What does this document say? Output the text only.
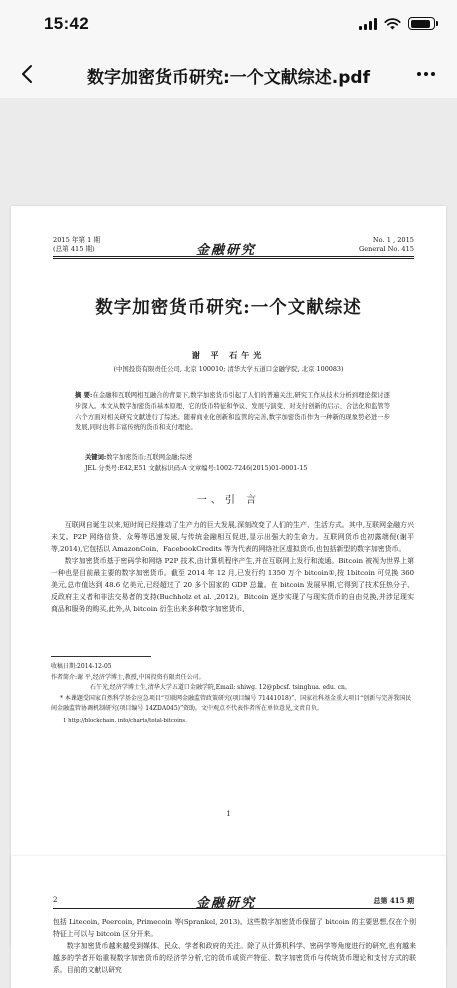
15:42
数字加密货币研究:一个文献综述.pdf
2015 年第 1 期
(总第 415 期)	金融研究
No. 1 , 2015
General No. 415
数字加密货币研究:一个文献综述
谢 平 石午光
(中国投资有限责任公司, 北京 100010; 清华大学五道口金融学院, 北京 100083)
摘 要:在金融和互联网相互融合的背景下,数字加密货币引起了人们的普遍关注,研究工作从技术分析到理论探讨逐步深入。本文从数字加密货币基本原理、它的货币特征和争议、发展与演变、对支付创新的启示、合法化和监管等六个方面对相关研究文献进行了综述。随着商业化创新和监管的完善,数字加密货币作为一种新的现象势必进一步发展,同时也将丰富传统的货币和支付理论。
关键词:数字加密货币;互联网金融;综述
JEL 分类号:E42,E51 文献标识码:A 文章编号:1002-7246(2015)01-0001-15
一、引 言

互联网自诞生以来,短时间已经推动了生产力的巨大发展,深刻改变了人们的生产、生活方式。其中,互联网金融方兴未艾。P2P 网络信贷、众筹等迅速发展,与传统金融相互促进,显示出强大的生命力。互联网货币也初露端倪(谢平等,2014),它包括以 AmazonCoin、FacebookCredits 等为代表的网络社区虚拟货币,也包括新型的数字加密货币。

数字加密货币基于密码学和网络 P2P 技术,由计算机程序产生,并在互联网上发行和流通。Bitcoin 被视为世界上第一种也是目前最主要的数字加密货币。截至 2014 年 12 月,已发行约 1350 万个 bitcoin①,按 1bitcoin 可兑换 360 美元,总市值达到 48.6 亿美元,已经超过了 20 多个国家的 GDP 总量。在 bitcoin 发展早期,它得到了技术狂热分子、反政府主义者和非法交易者的支持(Buchholz et al. ,2012)。Bitcoin 逐步实现了与现实货币的自由兑换,并涉足现实商品和服务的购买,此外,从 bitcoin 衍生出来多种数字加密货币,

收稿日期:2014-12-05
作者简介:谢 平,经济学博士,教授,中国投资有限责任公司。
石午光,经济学博士生,清华大学五道口金融学院,Email: shiwg. 12@pbcsf. tsinghua. edu. cn。
* 本课题受国家自然科学基金应急项目“互联网金融监管政策研究(项目编号 71441018)”、国家社科基金重大项目“创新与完善我国民间金融监管协调机制研究(项目编号 14ZDA045)”资助。文中观点不代表作者所在单位意见,文责自负。
1 http://blockchain. info/charts/total-bitcoins.
1
2	金融研究	总第 415 期

包括 Litecoin, Peercoin, Primecoin 等(Sprankel, 2013)。这些数字加密货币保留了 bitcoin 的主要思想,仅在个别特征上可以与 bitcoin 区分开来。

数字加密货币越来越受到媒体、民众、学者和政府的关注。除了从计算机科学、密码学等角度进行的研究,也有越来越多的学者开始重视数字加密货币的经济学分析,它的货币或资产特征、数字加密货币与传统货币理论和支付方式的联系。目前的文献以研究
